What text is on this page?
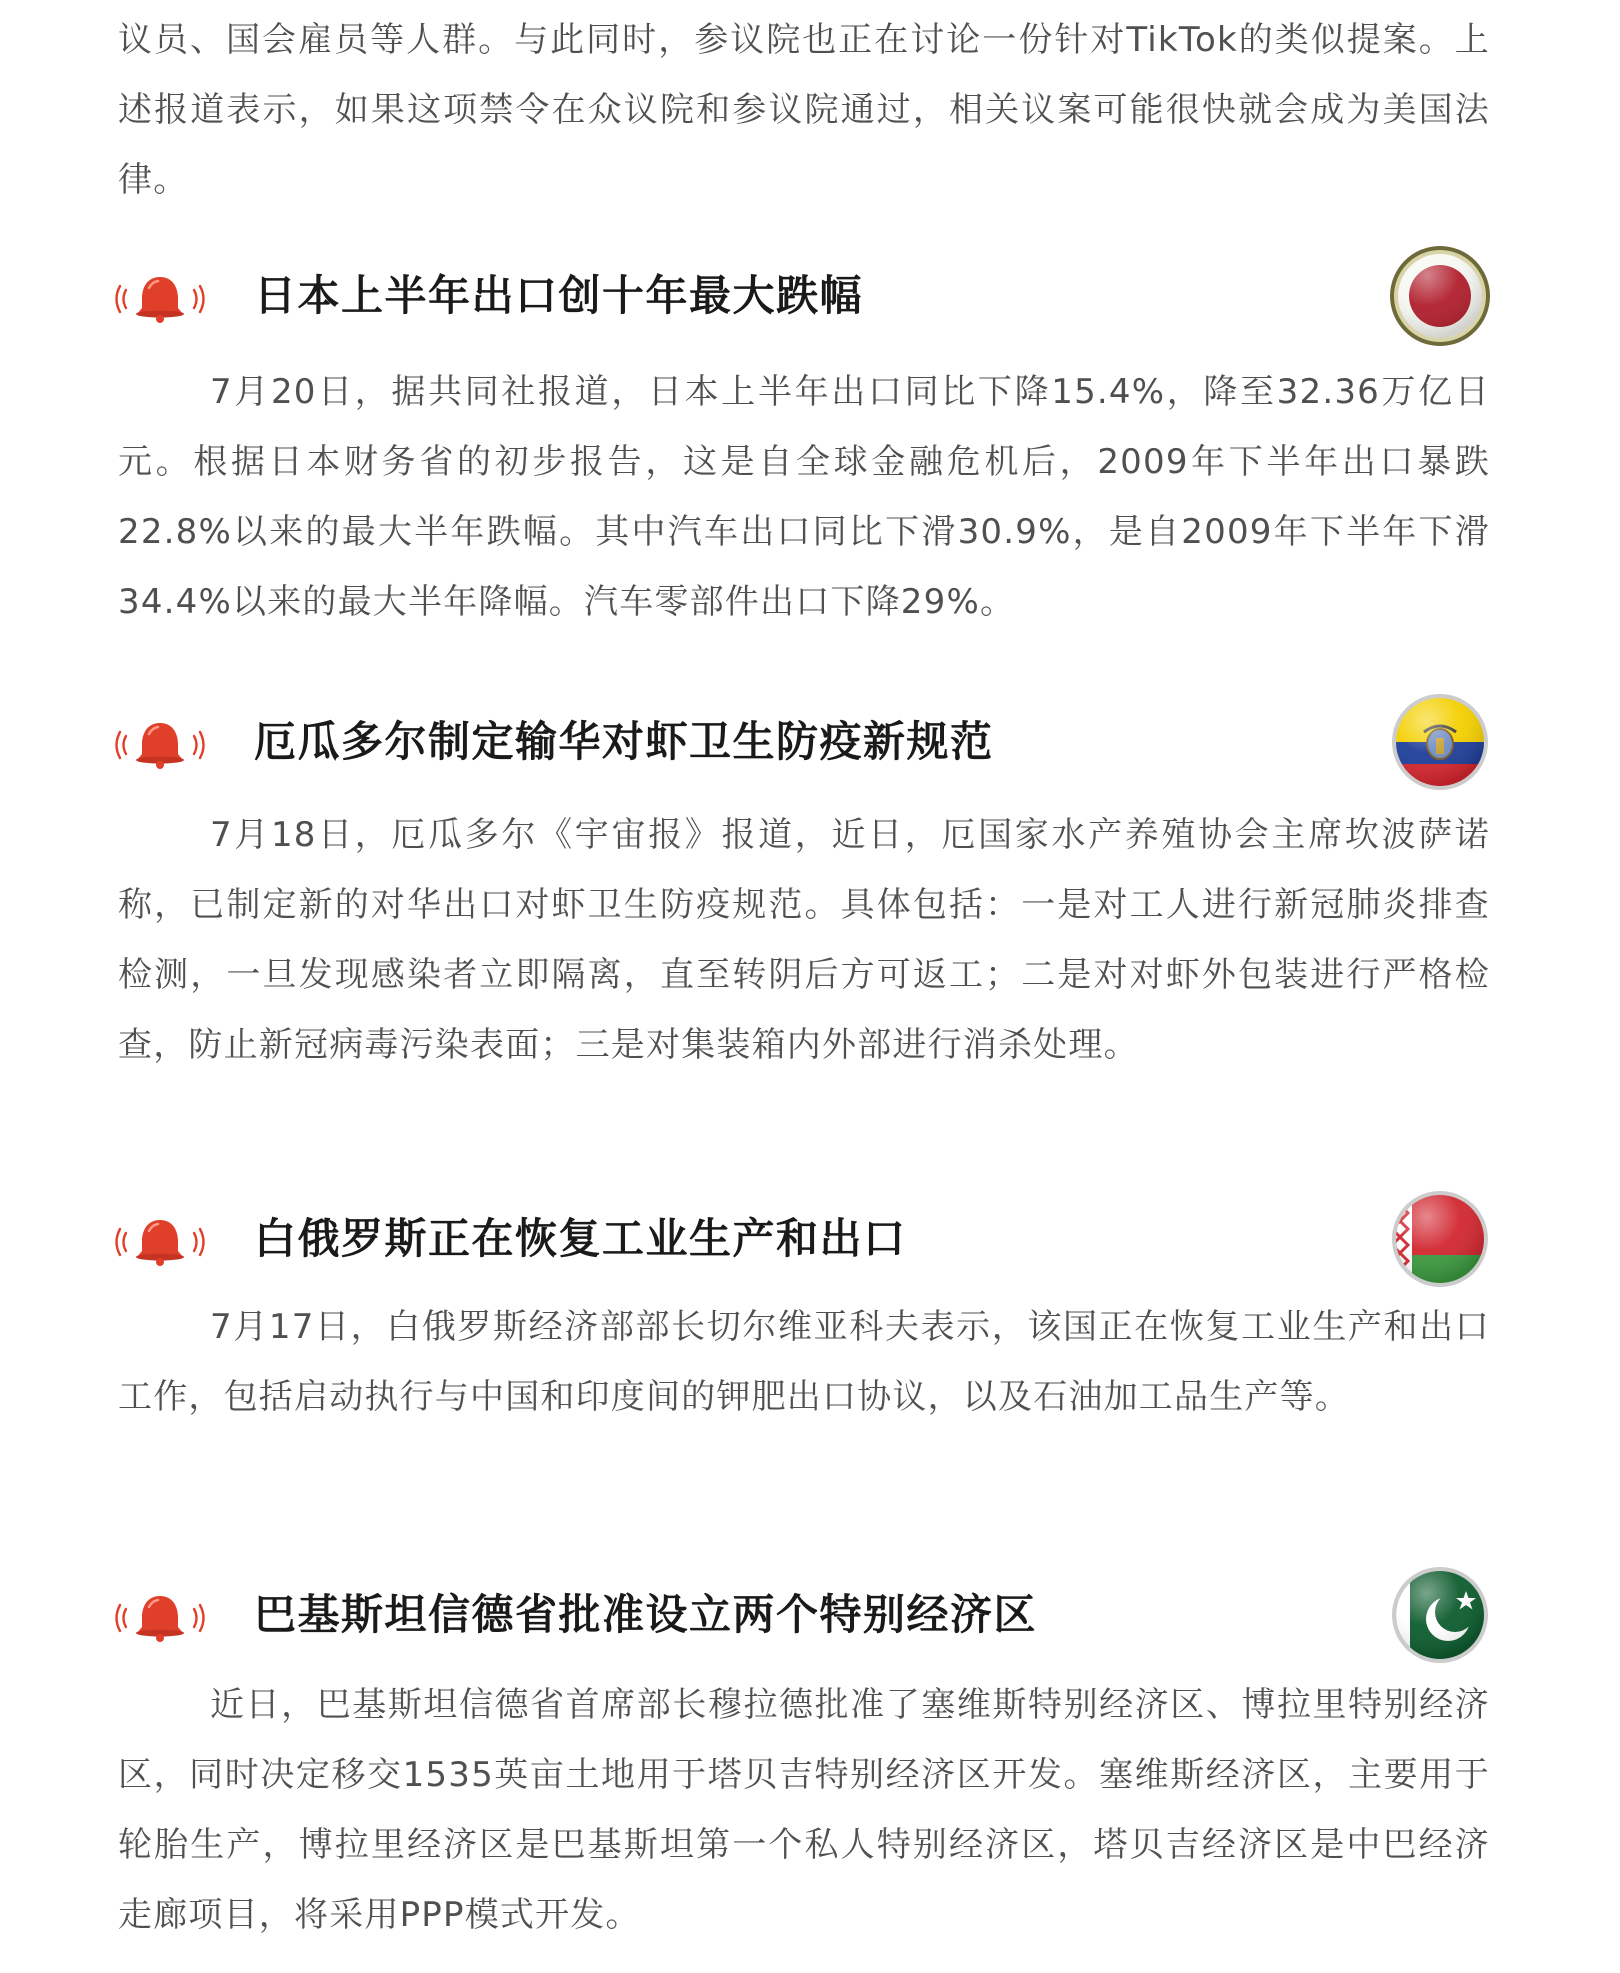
议员、国会雇员等人群。与此同时，参议院也正在讨论一份针对TikTok的类似提案。上述报道表示，如果这项禁令在众议院和参议院通过，相关议案可能很快就会成为美国法律。

日本上半年出口创十年最大跌幅

7月20日，据共同社报道，日本上半年出口同比下降15.4%，降至32.36万亿日元。根据日本财务省的初步报告，这是自全球金融危机后，2009年下半年出口暴跌22.8%以来的最大半年跌幅。其中汽车出口同比下滑30.9%，是自2009年下半年下滑34.4%以来的最大半年降幅。汽车零部件出口下降29%。

厄瓜多尔制定输华对虾卫生防疫新规范

7月18日，厄瓜多尔《宇宙报》报道，近日，厄国家水产养殖协会主席坎波萨诺称，已制定新的对华出口对虾卫生防疫规范。具体包括：一是对工人进行新冠肺炎排查检测，一旦发现感染者立即隔离，直至转阴后方可返工；二是对对虾外包装进行严格检查，防止新冠病毒污染表面；三是对集装箱内外部进行消杀处理。

白俄罗斯正在恢复工业生产和出口

7月17日，白俄罗斯经济部部长切尔维亚科夫表示，该国正在恢复工业生产和出口工作，包括启动执行与中国和印度间的钾肥出口协议，以及石油加工品生产等。

巴基斯坦信德省批准设立两个特别经济区

近日，巴基斯坦信德省首席部长穆拉德批准了塞维斯特别经济区、博拉里特别经济区，同时决定移交1535英亩土地用于塔贝吉特别经济区开发。塞维斯经济区，主要用于轮胎生产，博拉里经济区是巴基斯坦第一个私人特别经济区，塔贝吉经济区是中巴经济走廊项目，将采用PPP模式开发。
